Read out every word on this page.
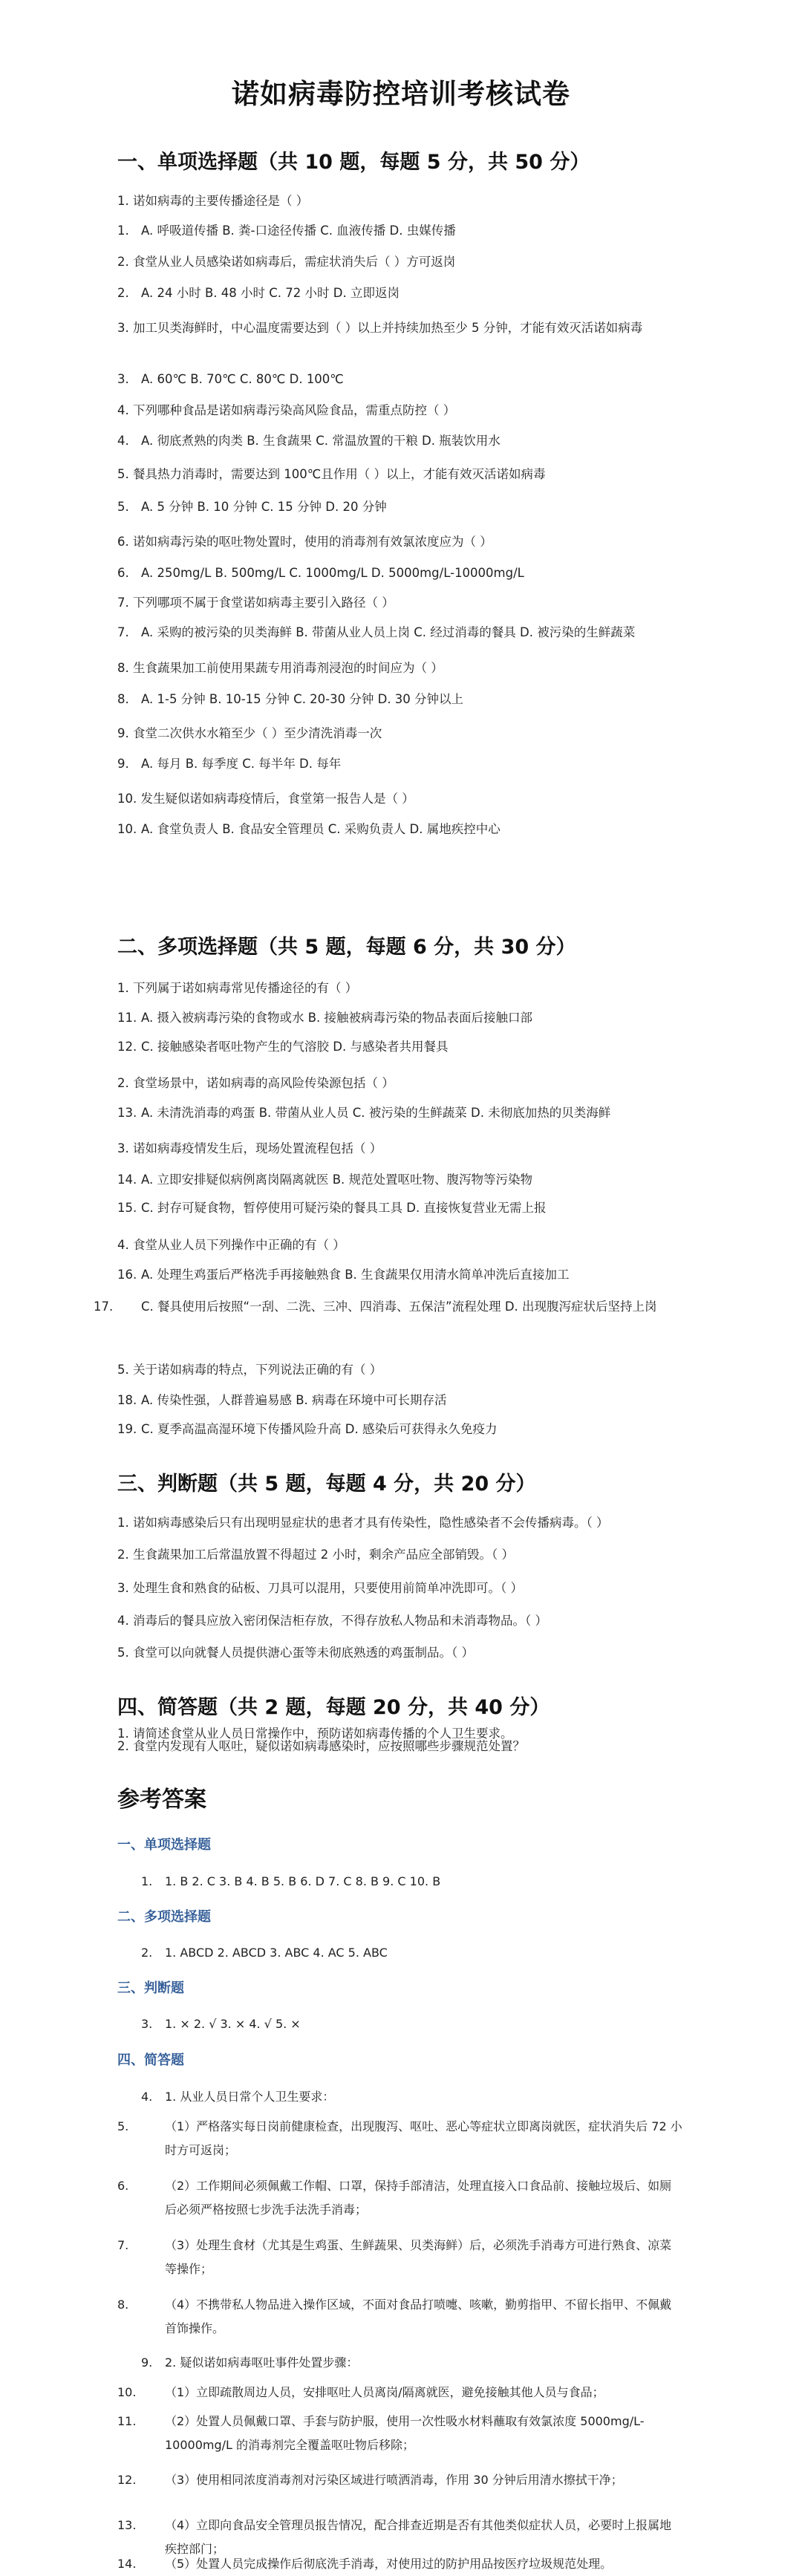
诺如病毒防控培训考核试卷
一、单项选择题（共 10 题，每题 5 分，共 50 分）
1. 诺如病毒的主要传播途径是（ ）
1. A. 呼吸道传播 B. 粪-口途径传播 C. 血液传播 D. 虫媒传播
2. 食堂从业人员感染诺如病毒后，需症状消失后（ ）方可返岗
2. A. 24 小时 B. 48 小时 C. 72 小时 D. 立即返岗
3. 加工贝类海鲜时，中心温度需要达到（ ）以上并持续加热至少 5 分钟，才能有效灭活诺如病毒
3. A. 60℃ B. 70℃ C. 80℃ D. 100℃
4. 下列哪种食品是诺如病毒污染高风险食品，需重点防控（ ）
4. A. 彻底煮熟的肉类 B. 生食蔬果 C. 常温放置的干粮 D. 瓶装饮用水
5. 餐具热力消毒时，需要达到 100℃且作用（ ）以上，才能有效灭活诺如病毒
5. A. 5 分钟 B. 10 分钟 C. 15 分钟 D. 20 分钟
6. 诺如病毒污染的呕吐物处置时，使用的消毒剂有效氯浓度应为（ ）
6. A. 250mg/L B. 500mg/L C. 1000mg/L D. 5000mg/L-10000mg/L
7. 下列哪项不属于食堂诺如病毒主要引入路径（ ）
7. A. 采购的被污染的贝类海鲜 B. 带菌从业人员上岗 C. 经过消毒的餐具 D. 被污染的生鲜蔬菜
8. 生食蔬果加工前使用果蔬专用消毒剂浸泡的时间应为（ ）
8. A. 1-5 分钟 B. 10-15 分钟 C. 20-30 分钟 D. 30 分钟以上
9. 食堂二次供水水箱至少（ ）至少清洗消毒一次
9. A. 每月 B. 每季度 C. 每半年 D. 每年
10. 发生疑似诺如病毒疫情后，食堂第一报告人是（ ）
10. A. 食堂负责人 B. 食品安全管理员 C. 采购负责人 D. 属地疾控中心
二、多项选择题（共 5 题，每题 6 分，共 30 分）
1. 下列属于诺如病毒常见传播途径的有（ ）
11. A. 摄入被病毒污染的食物或水 B. 接触被病毒污染的物品表面后接触口部
12. C. 接触感染者呕吐物产生的气溶胶 D. 与感染者共用餐具
2. 食堂场景中，诺如病毒的高风险传染源包括（ ）
13. A. 未清洗消毒的鸡蛋 B. 带菌从业人员 C. 被污染的生鲜蔬菜 D. 未彻底加热的贝类海鲜
3. 诺如病毒疫情发生后，现场处置流程包括（ ）
14. A. 立即安排疑似病例离岗隔离就医 B. 规范处置呕吐物、腹泻物等污染物
15. C. 封存可疑食物，暂停使用可疑污染的餐具工具 D. 直接恢复营业无需上报
4. 食堂从业人员下列操作中正确的有（ ）
16. A. 处理生鸡蛋后严格洗手再接触熟食 B. 生食蔬果仅用清水简单冲洗后直接加工
17. C. 餐具使用后按照“一刮、二洗、三冲、四消毒、五保洁”流程处理 D. 出现腹泻症状后坚持上岗
5. 关于诺如病毒的特点，下列说法正确的有（ ）
18. A. 传染性强，人群普遍易感 B. 病毒在环境中可长期存活
19. C. 夏季高温高湿环境下传播风险升高 D. 感染后可获得永久免疫力
三、判断题（共 5 题，每题 4 分，共 20 分）
1. 诺如病毒感染后只有出现明显症状的患者才具有传染性，隐性感染者不会传播病毒。（ ）
2. 生食蔬果加工后常温放置不得超过 2 小时，剩余产品应全部销毁。（ ）
3. 处理生食和熟食的砧板、刀具可以混用，只要使用前简单冲洗即可。（ ）
4. 消毒后的餐具应放入密闭保洁柜存放，不得存放私人物品和未消毒物品。（ ）
5. 食堂可以向就餐人员提供溏心蛋等未彻底熟透的鸡蛋制品。（ ）
四、简答题（共 2 题，每题 20 分，共 40 分）
1. 请简述食堂从业人员日常操作中，预防诺如病毒传播的个人卫生要求。
2. 食堂内发现有人呕吐，疑似诺如病毒感染时，应按照哪些步骤规范处置？
参考答案
一、单项选择题
1. 1. B 2. C 3. B 4. B 5. B 6. D 7. C 8. B 9. C 10. B
二、多项选择题
2. 1. ABCD 2. ABCD 3. ABC 4. AC 5. ABC
三、判断题
3. 1. × 2. √ 3. × 4. √ 5. ×
四、简答题
4. 1. 从业人员日常个人卫生要求：
5.	（1）严格落实每日岗前健康检查，出现腹泻、呕吐、恶心等症状立即离岗就医，症状消失后 72 小时方可返岗；
6.	（2）工作期间必须佩戴工作帽、口罩，保持手部清洁，处理直接入口食品前、接触垃圾后、如厕后必须严格按照七步洗手法洗手消毒；
7.	（3）处理生食材（尤其是生鸡蛋、生鲜蔬果、贝类海鲜）后，必须洗手消毒方可进行熟食、凉菜等操作；
8.	（4）不携带私人物品进入操作区域，不面对食品打喷嚏、咳嗽，勤剪指甲、不留长指甲、不佩戴首饰操作。
9. 2. 疑似诺如病毒呕吐事件处置步骤：
10. （1）立即疏散周边人员，安排呕吐人员离岗/隔离就医，避免接触其他人员与食品；
11. （2）处置人员佩戴口罩、手套与防护服，使用一次性吸水材料蘸取有效氯浓度 5000mg/L-10000mg/L 的消毒剂完全覆盖呕吐物后移除；
12. （3）使用相同浓度消毒剂对污染区域进行喷洒消毒，作用 30 分钟后用清水擦拭干净；
13. （4）立即向食品安全管理员报告情况，配合排查近期是否有其他类似症状人员，必要时上报属地疾控部门；
14. （5）处置人员完成操作后彻底洗手消毒，对使用过的防护用品按医疗垃圾规范处理。
